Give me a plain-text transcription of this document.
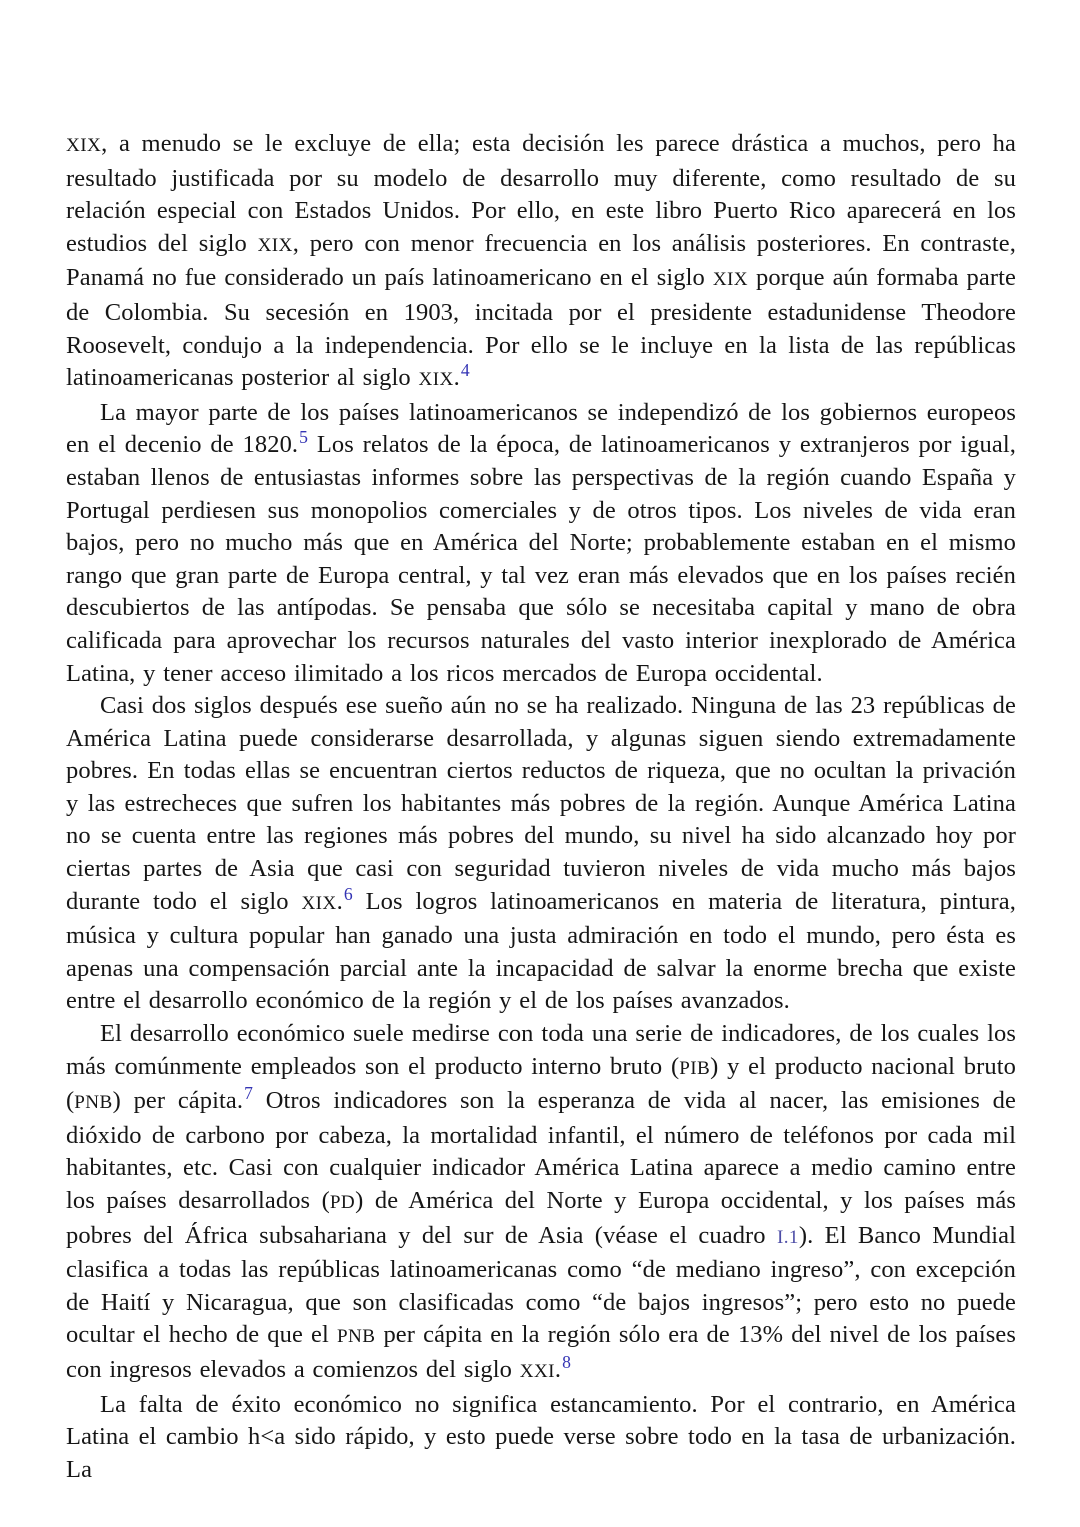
XIX, a menudo se le excluye de ella; esta decisión les parece drástica a muchos, pero ha resultado justificada por su modelo de desarrollo muy diferente, como resultado de su relación especial con Estados Unidos. Por ello, en este libro Puerto Rico aparecerá en los estudios del siglo XIX, pero con menor frecuencia en los análisis posteriores. En contraste, Panamá no fue considerado un país latinoamericano en el siglo XIX porque aún formaba parte de Colombia. Su secesión en 1903, incitada por el presidente estadunidense Theodore Roosevelt, condujo a la independencia. Por ello se le incluye en la lista de las repúblicas latinoamericanas posterior al siglo XIX.$^4$

La mayor parte de los países latinoamericanos se independizó de los gobiernos europeos en el decenio de 1820.$^5$ Los relatos de la época, de latinoamericanos y extranjeros por igual, estaban llenos de entusiastas informes sobre las perspectivas de la región cuando España y Portugal perdiesen sus monopolios comerciales y de otros tipos. Los niveles de vida eran bajos, pero no mucho más que en América del Norte; probablemente estaban en el mismo rango que gran parte de Europa central, y tal vez eran más elevados que en los países recién descubiertos de las antípodas. Se pensaba que sólo se necesitaba capital y mano de obra calificada para aprovechar los recursos naturales del vasto interior inexplorado de América Latina, y tener acceso ilimitado a los ricos mercados de Europa occidental.

Casi dos siglos después ese sueño aún no se ha realizado. Ninguna de las 23 repúblicas de América Latina puede considerarse desarrollada, y algunas siguen siendo extremadamente pobres. En todas ellas se encuentran ciertos reductos de riqueza, que no ocultan la privación y las estrecheces que sufren los habitantes más pobres de la región. Aunque América Latina no se cuenta entre las regiones más pobres del mundo, su nivel ha sido alcanzado hoy por ciertas partes de Asia que casi con seguridad tuvieron niveles de vida mucho más bajos durante todo el siglo XIX.$^6$ Los logros latinoamericanos en materia de literatura, pintura, música y cultura popular han ganado una justa admiración en todo el mundo, pero ésta es apenas una compensación parcial ante la incapacidad de salvar la enorme brecha que existe entre el desarrollo económico de la región y el de los países avanzados.

El desarrollo económico suele medirse con toda una serie de indicadores, de los cuales los más comúnmente empleados son el producto interno bruto (PIB) y el producto nacional bruto (PNB) per cápita.$^7$ Otros indicadores son la esperanza de vida al nacer, las emisiones de dióxido de carbono por cabeza, la mortalidad infantil, el número de teléfonos por cada mil habitantes, etc. Casi con cualquier indicador América Latina aparece a medio camino entre los países desarrollados (PD) de América del Norte y Europa occidental, y los países más pobres del África subsahariana y del sur de Asia (véase el cuadro I.1). El Banco Mundial clasifica a todas las repúblicas latinoamericanas como “de mediano ingreso”, con excepción de Haití y Nicaragua, que son clasificadas como “de bajos ingresos”; pero esto no puede ocultar el hecho de que el PNB per cápita en la región sólo era de 13% del nivel de los países con ingresos elevados a comienzos del siglo XXI.$^8$

La falta de éxito económico no significa estancamiento. Por el contrario, en América Latina el cambio h<a sido rápido, y esto puede verse sobre todo en la tasa de urbanización. La
